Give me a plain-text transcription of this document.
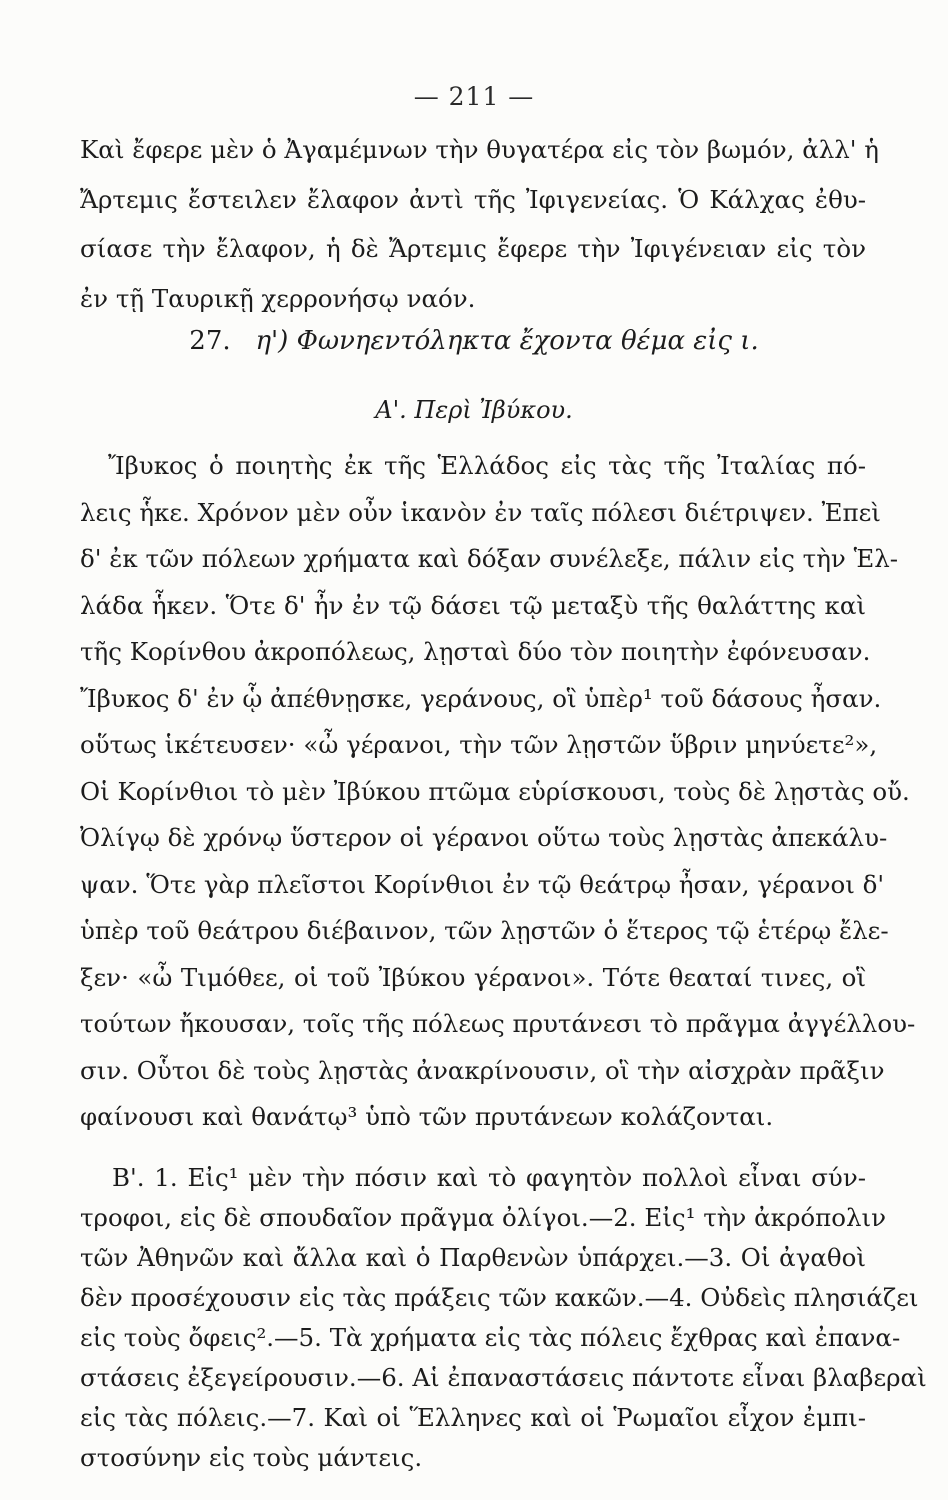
— 211 —
Καὶ ἔφερε μὲν ὁ Ἀγαμέμνων τὴν θυγατέρα εἰς τὸν βωμόν, ἀλλ' ἡ
Ἄρτεμις ἔστειλεν ἔλαφον ἀντὶ τῆς Ἰφιγενείας. Ὁ Κάλχας ἐθυ-
σίασε τὴν ἔλαφον, ἡ δὲ Ἄρτεμις ἔφερε τὴν Ἰφιγένειαν εἰς τὸν
ἐν τῇ Ταυρικῇ χερρονήσῳ ναόν.
27. η') Φωνηεντόληκτα ἔχοντα θέμα εἰς ι.
Α'. Περὶ Ἰβύκου.
Ἴβυκος ὁ ποιητὴς ἐκ τῆς Ἑλλάδος εἰς τὰς τῆς Ἰταλίας πό-
λεις ἧκε. Χρόνον μὲν οὖν ἱκανὸν ἐν ταῖς πόλεσι διέτριψεν. Ἐπεὶ
δ' ἐκ τῶν πόλεων χρήματα καὶ δόξαν συνέλεξε, πάλιν εἰς τὴν Ἑλ-
λάδα ἧκεν. Ὅτε δ' ἦν ἐν τῷ δάσει τῷ μεταξὺ τῆς θαλάττης καὶ
τῆς Κορίνθου ἀκροπόλεως, λῃσταὶ δύο τὸν ποιητὴν ἐφόνευσαν.
Ἴβυκος δ' ἐν ᾧ ἀπέθνῃσκε, γεράνους, οἳ ὑπὲρ¹ τοῦ δάσους ἦσαν.
οὕτως ἱκέτευσεν· «ὦ γέρανοι, τὴν τῶν λῃστῶν ὕβριν μηνύετε²»,
Οἱ Κορίνθιοι τὸ μὲν Ἰβύκου πτῶμα εὑρίσκουσι, τοὺς δὲ λῃστὰς οὔ.
Ὀλίγῳ δὲ χρόνῳ ὕστερον οἱ γέρανοι οὕτω τοὺς λῃστὰς ἀπεκάλυ-
ψαν. Ὅτε γὰρ πλεῖστοι Κορίνθιοι ἐν τῷ θεάτρῳ ἦσαν, γέρανοι δ'
ὑπὲρ τοῦ θεάτρου διέβαινον, τῶν λῃστῶν ὁ ἕτερος τῷ ἑτέρῳ ἔλε-
ξεν· «ὦ Τιμόθεε, οἱ τοῦ Ἰβύκου γέρανοι». Τότε θεαταί τινες, οἳ
τούτων ἤκουσαν, τοῖς τῆς πόλεως πρυτάνεσι τὸ πρᾶγμα ἀγγέλλου-
σιν. Οὗτοι δὲ τοὺς λῃστὰς ἀνακρίνουσιν, οἳ τὴν αἰσχρὰν πρᾶξιν
φαίνουσι καὶ θανάτῳ³ ὑπὸ τῶν πρυτάνεων κολάζονται.
Β'. 1. Εἰς¹ μὲν τὴν πόσιν καὶ τὸ φαγητὸν πολλοὶ εἶναι σύν-
τροφοι, εἰς δὲ σπουδαῖον πρᾶγμα ὀλίγοι.—2. Εἰς¹ τὴν ἀκρόπολιν
τῶν Ἀθηνῶν καὶ ἄλλα καὶ ὁ Παρθενὼν ὑπάρχει.—3. Οἱ ἀγαθοὶ
δὲν προσέχουσιν εἰς τὰς πράξεις τῶν κακῶν.—4. Οὐδεὶς πλησιάζει
εἰς τοὺς ὄφεις².—5. Τὰ χρήματα εἰς τὰς πόλεις ἔχθρας καὶ ἐπανα-
στάσεις ἐξεγείρουσιν.—6. Αἱ ἐπαναστάσεις πάντοτε εἶναι βλαβεραὶ
εἰς τὰς πόλεις.—7. Καὶ οἱ Ἕλληνες καὶ οἱ Ῥωμαῖοι εἶχον ἐμπι-
στοσύνην εἰς τοὺς μάντεις.
